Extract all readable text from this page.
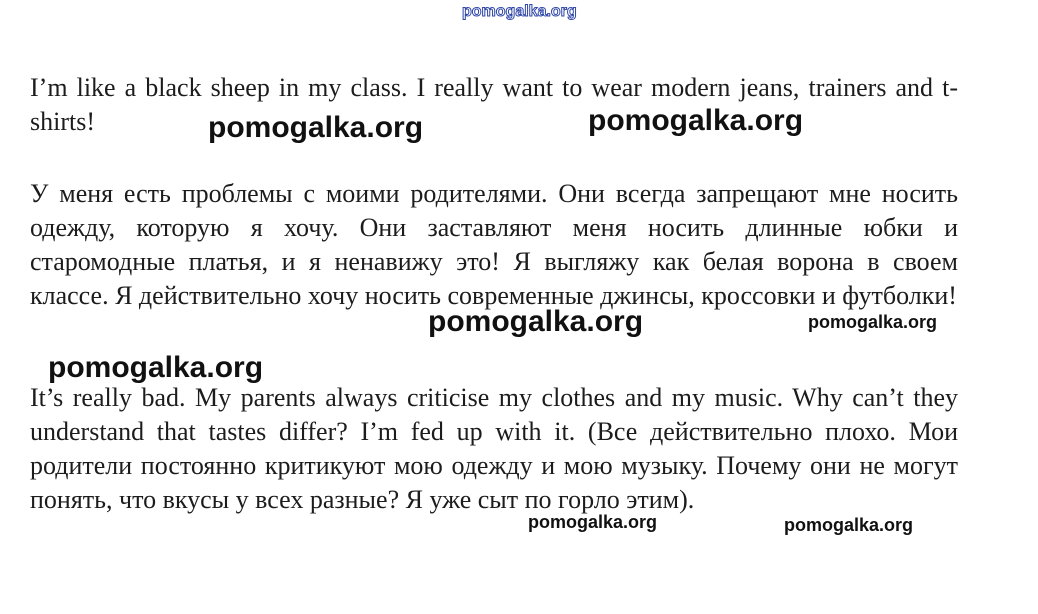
pomogalka.org

I’m like a black sheep in my class. I really want to wear modern jeans, trainers and t-shirts!

У меня есть проблемы с моими родителями. Они всегда запрещают мне носить одежду, которую я хочу. Они заставляют меня носить длинные юбки и старомодные платья, и я ненавижу это! Я выгляжу как белая ворона в своем классе. Я действительно хочу носить современные джинсы, кроссовки и футболки!

It’s really bad. My parents always criticise my clothes and my music. Why can’t they understand that tastes differ? I’m fed up with it. (Все действительно плохо. Мои родители постоянно критикуют мою одежду и мою музыку. Почему они не могут понять, что вкусы у всех разные? Я уже сыт по горло этим).

pomogalka.org	pomogalka.org
pomogalka.org	pomogalka.org
pomogalka.org
pomogalka.org	pomogalka.org
